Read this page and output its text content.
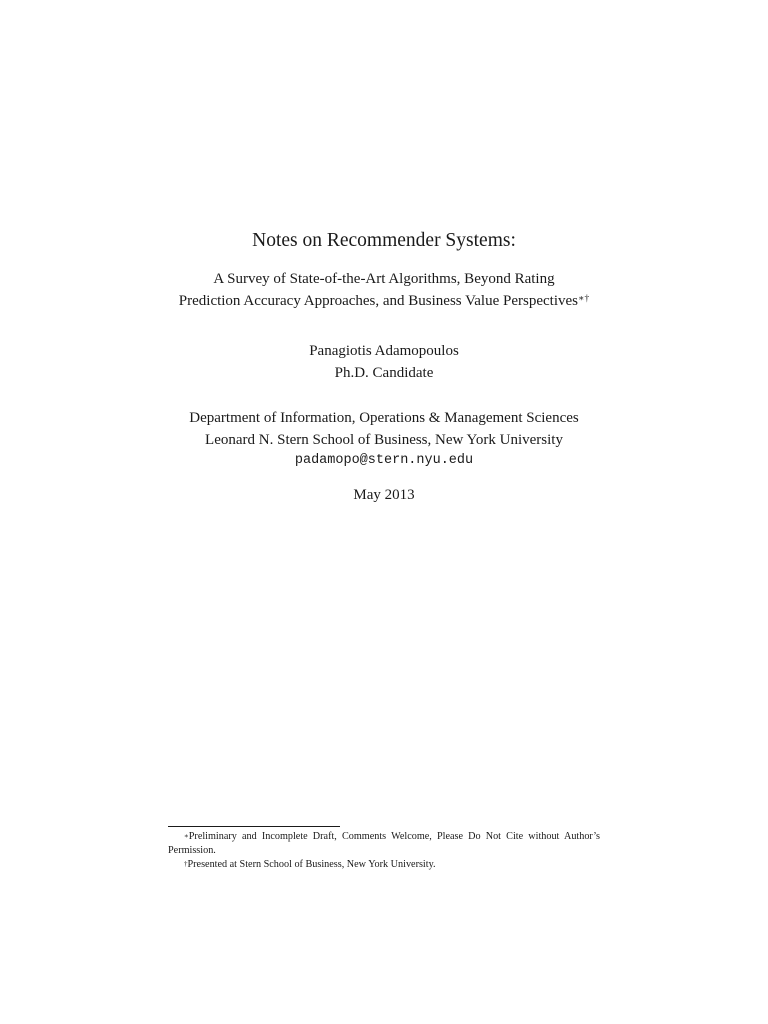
Notes on Recommender Systems:
A Survey of State-of-the-Art Algorithms, Beyond Rating
Prediction Accuracy Approaches, and Business Value Perspectives∗†
Panagiotis Adamopoulos
Ph.D. Candidate
Department of Information, Operations & Management Sciences
Leonard N. Stern School of Business, New York University
padamopo@stern.nyu.edu
May 2013
∗Preliminary and Incomplete Draft, Comments Welcome, Please Do Not Cite without Author’s Permission.
†Presented at Stern School of Business, New York University.
